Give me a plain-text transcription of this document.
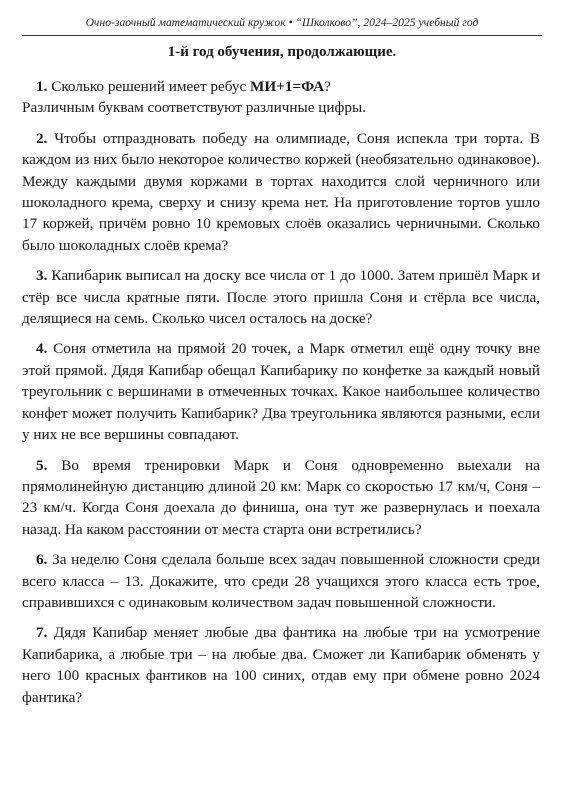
Очно-заочный математический кружок • “Школково”, 2024–2025 учебный год
1-й год обучения, продолжающие.

1. Сколько решений имеет ребус МИ+1=ФА?
Различным буквам соответствуют различные цифры.

2. Чтобы отпраздновать победу на олимпиаде, Соня испекла три торта. В каждом из них было некоторое количество коржей (необязательно одинаковое). Между каждыми двумя коржами в тортах находится слой черничного или шоколадного крема, сверху и снизу крема нет. На приготовление тортов ушло 17 коржей, причём ровно 10 кремовых слоёв оказались черничными. Сколько было шоколадных слоёв крема?

3. Капибарик выписал на доску все числа от 1 до 1000. Затем пришёл Марк и стёр все числа кратные пяти. После этого пришла Соня и стёрла все числа, делящиеся на семь. Сколько чисел осталось на доске?

4. Соня отметила на прямой 20 точек, а Марк отметил ещё одну точку вне этой прямой. Дядя Капибар обещал Капибарику по конфетке за каждый новый треугольник с вершинами в отмеченных точках. Какое наибольшее количество конфет может получить Капибарик? Два треугольника являются разными, если у них не все вершины совпадают.

5. Во время тренировки Марк и Соня одновременно выехали на прямолинейную дистанцию длиной 20 км: Марк со скоростью 17 км/ч, Соня – 23 км/ч. Когда Соня доехала до финиша, она тут же развернулась и поехала назад. На каком расстоянии от места старта они встретились?

6. За неделю Соня сделала больше всех задач повышенной сложности среди всего класса – 13. Докажите, что среди 28 учащихся этого класса есть трое, справившихся с одинаковым количеством задач повышенной сложности.

7. Дядя Капибар меняет любые два фантика на любые три на усмотрение Капибарика, а любые три – на любые два. Сможет ли Капибарик обменять у него 100 красных фантиков на 100 синих, отдав ему при обмене ровно 2024 фантика?
